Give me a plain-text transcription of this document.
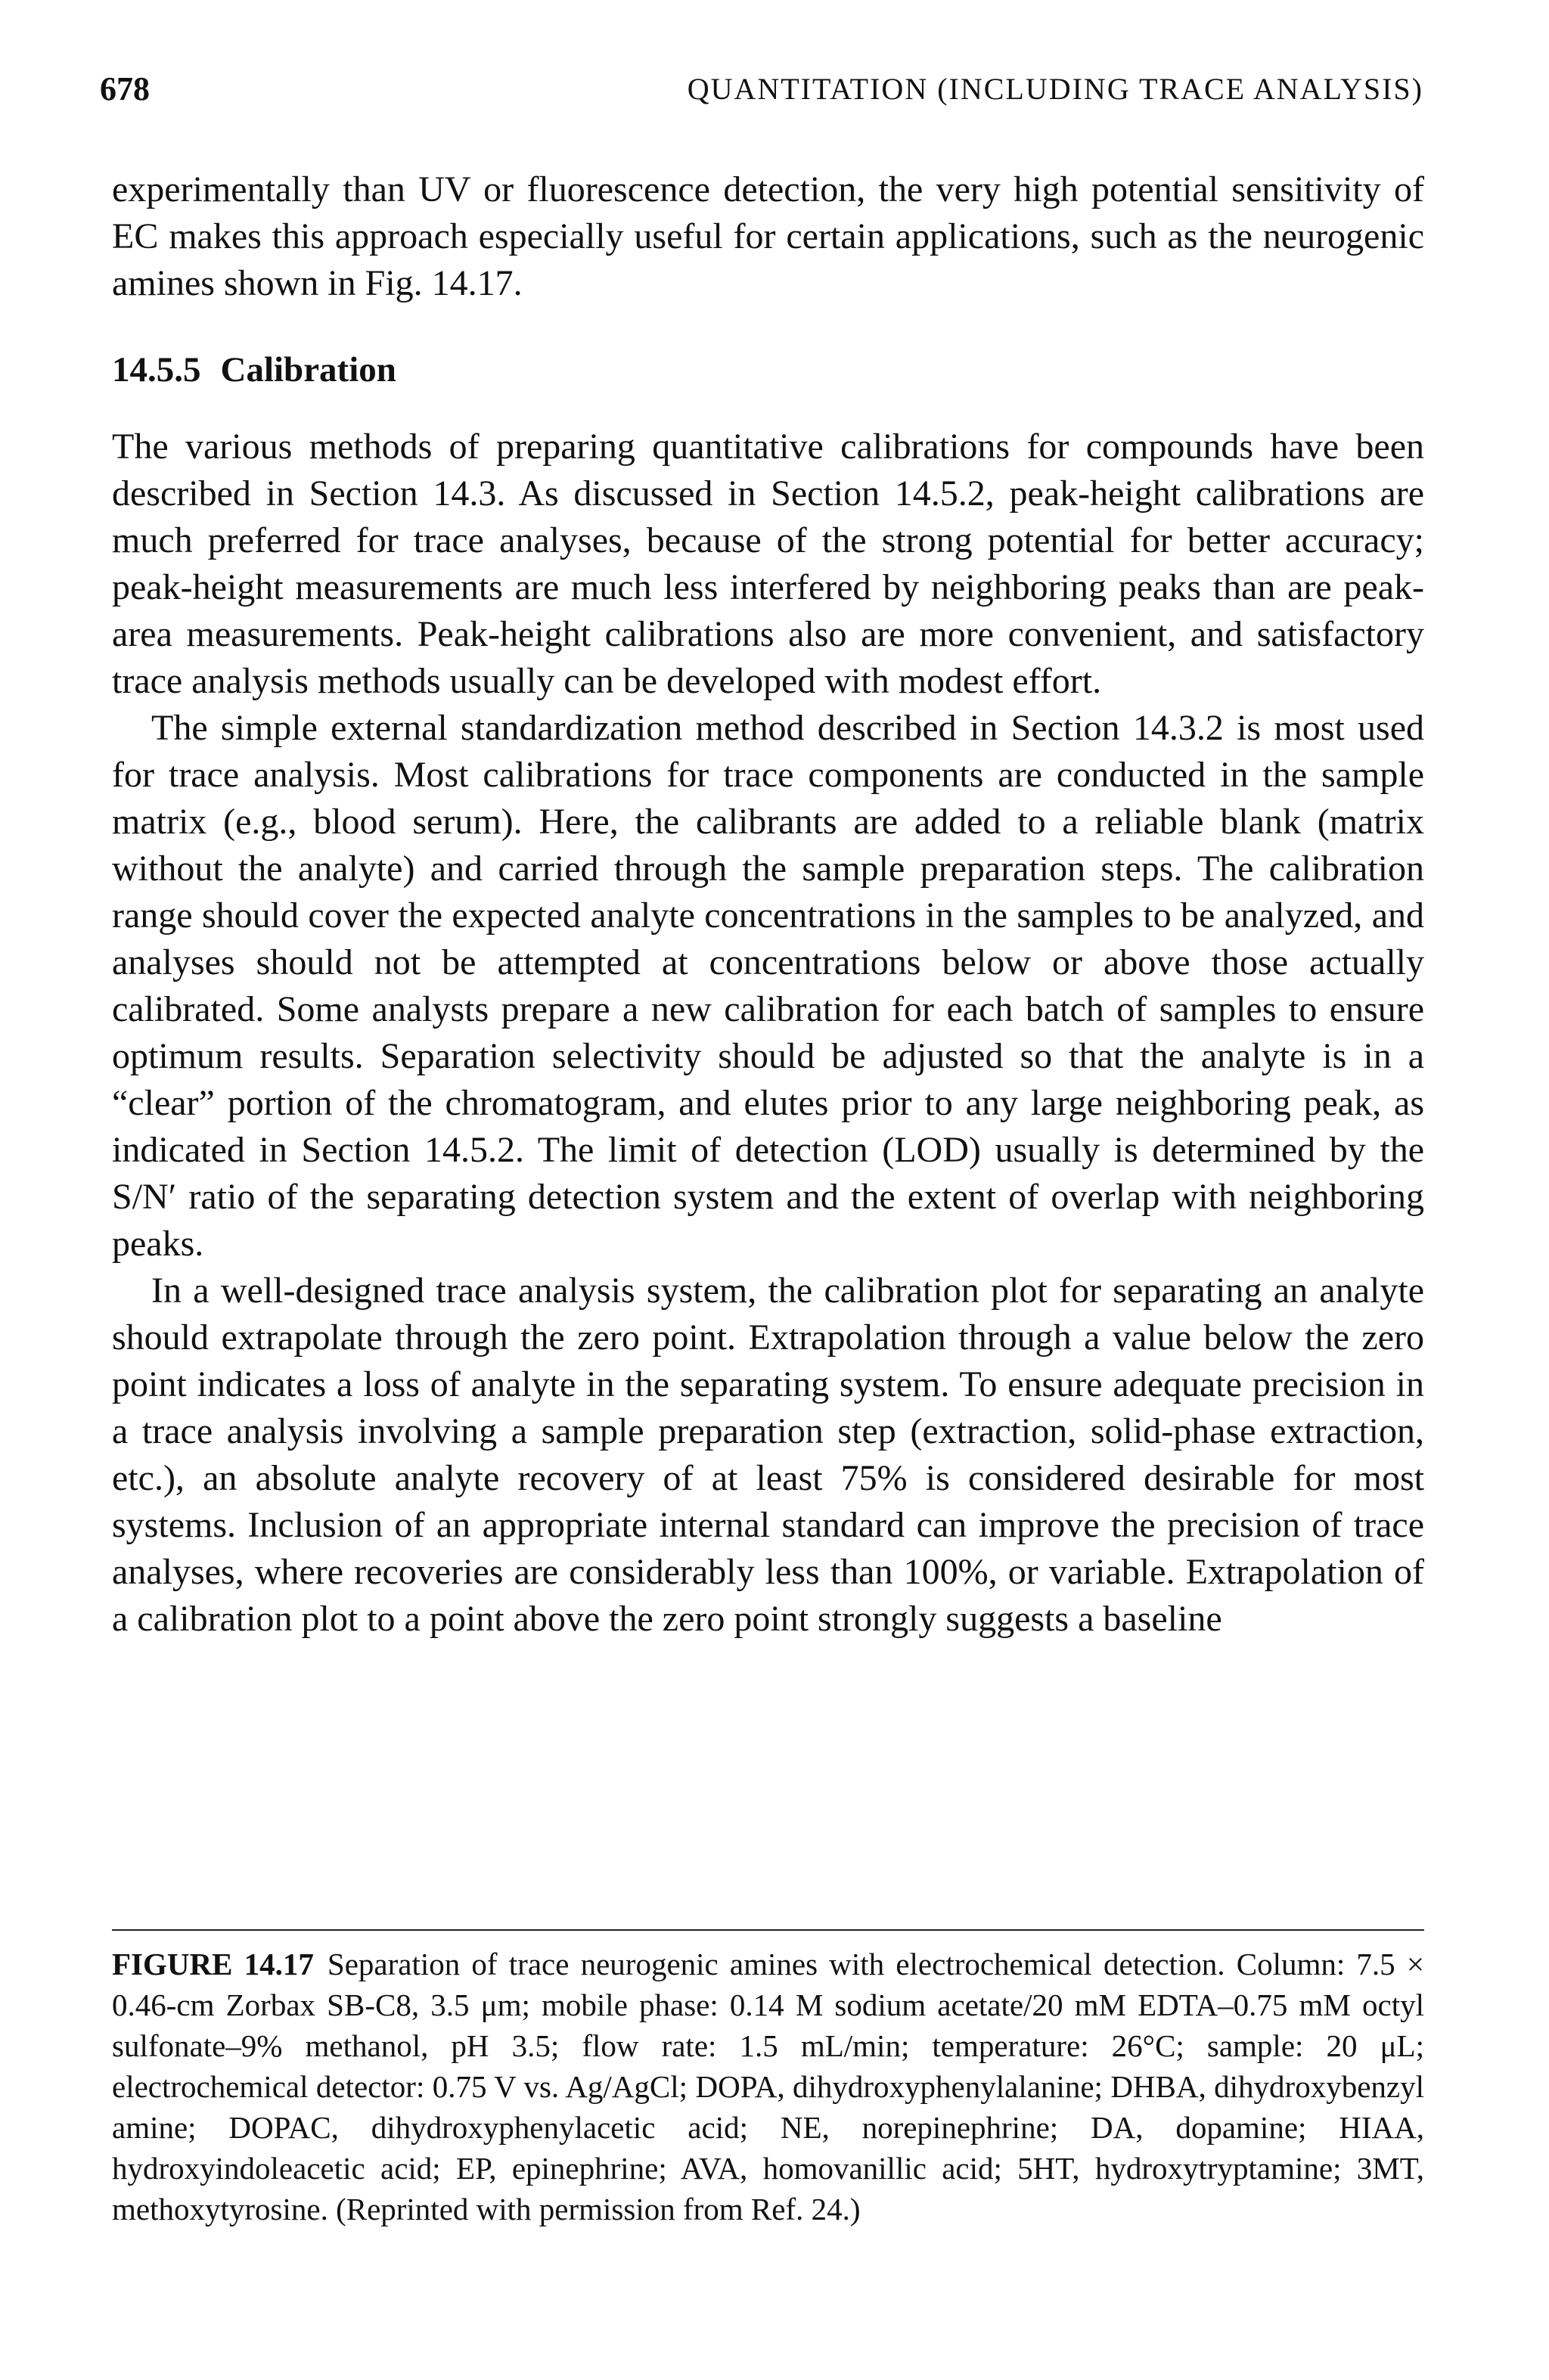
678	QUANTITATION (INCLUDING TRACE ANALYSIS)

experimentally than UV or fluorescence detection, the very high potential sensitivity of EC makes this approach especially useful for certain applications, such as the neurogenic amines shown in Fig. 14.17.

14.5.5 Calibration

The various methods of preparing quantitative calibrations for compounds have been described in Section 14.3. As discussed in Section 14.5.2, peak-height calibrations are much preferred for trace analyses, because of the strong potential for better accuracy; peak-height measurements are much less interfered by neighboring peaks than are peak-area measurements. Peak-height calibrations also are more convenient, and satisfactory trace analysis methods usually can be developed with modest effort.

The simple external standardization method described in Section 14.3.2 is most used for trace analysis. Most calibrations for trace components are conducted in the sample matrix (e.g., blood serum). Here, the calibrants are added to a reliable blank (matrix without the analyte) and carried through the sample preparation steps. The calibration range should cover the expected analyte concentrations in the samples to be analyzed, and analyses should not be attempted at concentrations below or above those actually calibrated. Some analysts prepare a new calibration for each batch of samples to ensure optimum results. Separation selectivity should be adjusted so that the analyte is in a “clear” portion of the chromatogram, and elutes prior to any large neighboring peak, as indicated in Section 14.5.2. The limit of detection (LOD) usually is determined by the S/N′ ratio of the separating detection system and the extent of overlap with neighboring peaks.

In a well-designed trace analysis system, the calibration plot for separating an analyte should extrapolate through the zero point. Extrapolation through a value below the zero point indicates a loss of analyte in the separating system. To ensure adequate precision in a trace analysis involving a sample preparation step (extraction, solid-phase extraction, etc.), an absolute analyte recovery of at least 75% is considered desirable for most systems. Inclusion of an appropriate internal standard can improve the precision of trace analyses, where recoveries are considerably less than 100%, or variable. Extrapolation of a calibration plot to a point above the zero point strongly suggests a baseline

FIGURE 14.17 Separation of trace neurogenic amines with electrochemical detection. Column: 7.5 × 0.46-cm Zorbax SB-C8, 3.5 μm; mobile phase: 0.14 M sodium acetate/20 mM EDTA–0.75 mM octyl sulfonate–9% methanol, pH 3.5; flow rate: 1.5 mL/min; temperature: 26°C; sample: 20 μL; electrochemical detector: 0.75 V vs. Ag/AgCl; DOPA, dihydroxyphenylalanine; DHBA, dihydroxybenzyl amine; DOPAC, dihydroxyphenylacetic acid; NE, norepinephrine; DA, dopamine; HIAA, hydroxyindoleacetic acid; EP, epinephrine; AVA, homovanillic acid; 5HT, hydroxytryptamine; 3MT, methoxytyrosine. (Reprinted with permission from Ref. 24.)
